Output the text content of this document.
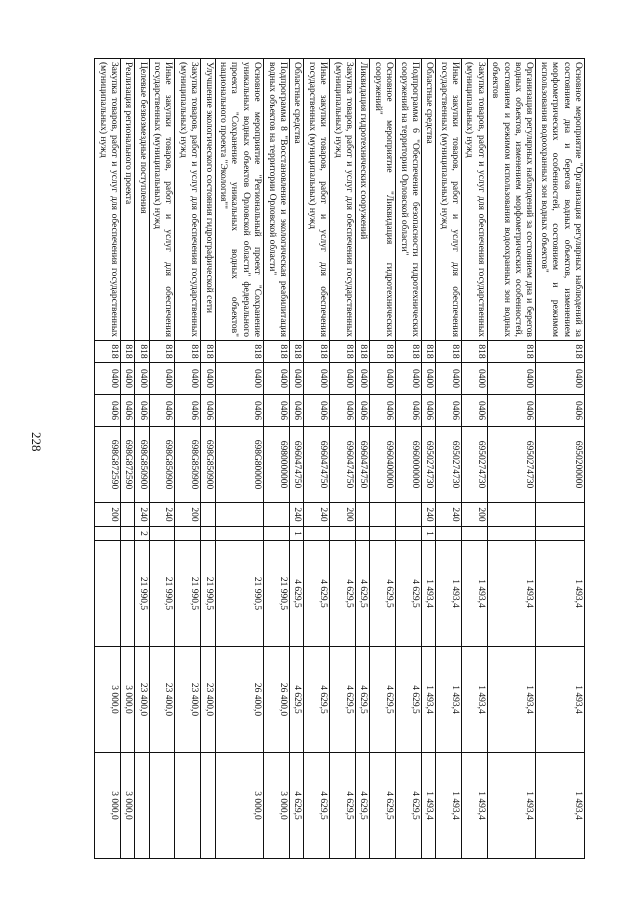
228
Основное мероприятие "Организация регулярных наблюдений за состоянием дна и берегов водных объектов, изменением морфометрических особенностей, состоянием и режимом использования водоохранных зон водных объектов"	818	0400	0406	6950200000			1 493,4	1 493,4	1 493,4
Организация регулярных наблюдений за состоянием дна и берегов водных объектов, изменением морфометрических особенностей, состоянием и режимом использования водоохранных зон водных объектов	818	0400	0406	6950274730			1 493,4	1 493,4	1 493,4
Закупка товаров, работ и услуг для обеспечения государственных (муниципальных) нужд	818	0400	0406	6950274730	200		1 493,4	1 493,4	1 493,4
Иные закупки товаров, работ и услуг для обеспечения государственных (муниципальных) нужд	818	0400	0406	6950274730	240		1 493,4	1 493,4	1 493,4
Областные средства	818	0400	0406	6950274730	240	1	1 493,4	1 493,4	1 493,4
Подпрограмма 6 "Обеспечение безопасности гидротехнических сооружений на территории Орловской области"	818	0400	0406	6960000000			4 629,5	4 629,5	4 629,5
Основное мероприятие "Ликвидация гидротехнических сооружений"	818	0400	0406	6960400000			4 629,5	4 629,5	4 629,5
Ликвидация гидротехнических сооружений	818	0400	0406	6960474750			4 629,5	4 629,5	4 629,5
Закупка товаров, работ и услуг для обеспечения государственных (муниципальных) нужд	818	0400	0406	6960474750	200		4 629,5	4 629,5	4 629,5
Иные закупки товаров, работ и услуг для обеспечения государственных (муниципальных) нужд	818	0400	0406	6960474750	240		4 629,5	4 629,5	4 629,5
Областные средства	818	0400	0406	6960474750	240	1	4 629,5	4 629,5	4 629,5
Подпрограмма 8 "Восстановление и экологическая реабилитация водных объектов на территории Орловской области"	818	0400	0406	6980000000			21 990,5	26 400,0	3 000,0
Основное мероприятие "Региональный проект "Сохранение уникальных водных объектов Орловской области" федерального проекта "Сохранение уникальных водных объектов" национального проекта "Экология""	818	0400	0406	698G800000			21 990,5	26 400,0	3 000,0
Улучшение экологического состояния гидрографической сети	818	0400	0406	698G850900			21 990,5	23 400,0	
Закупка товаров, работ и услуг для обеспечения государственных (муниципальных) нужд	818	0400	0406	698G850900	200		21 990,5	23 400,0	
Иные закупки товаров, работ и услуг для обеспечения государственных (муниципальных) нужд	818	0400	0406	698G850900	240		21 990,5	23 400,0	
Целевые безвозмездные поступления	818	0400	0406	698G850900	240	2	21 990,5	23 400,0	
Реализация регионального проекта	818	0400	0406	698G872590				3 000,0	3 000,0
Закупка товаров, работ и услуг для обеспечения государственных (муниципальных) нужд	818	0400	0406	698G872590	200			3 000,0	3 000,0
